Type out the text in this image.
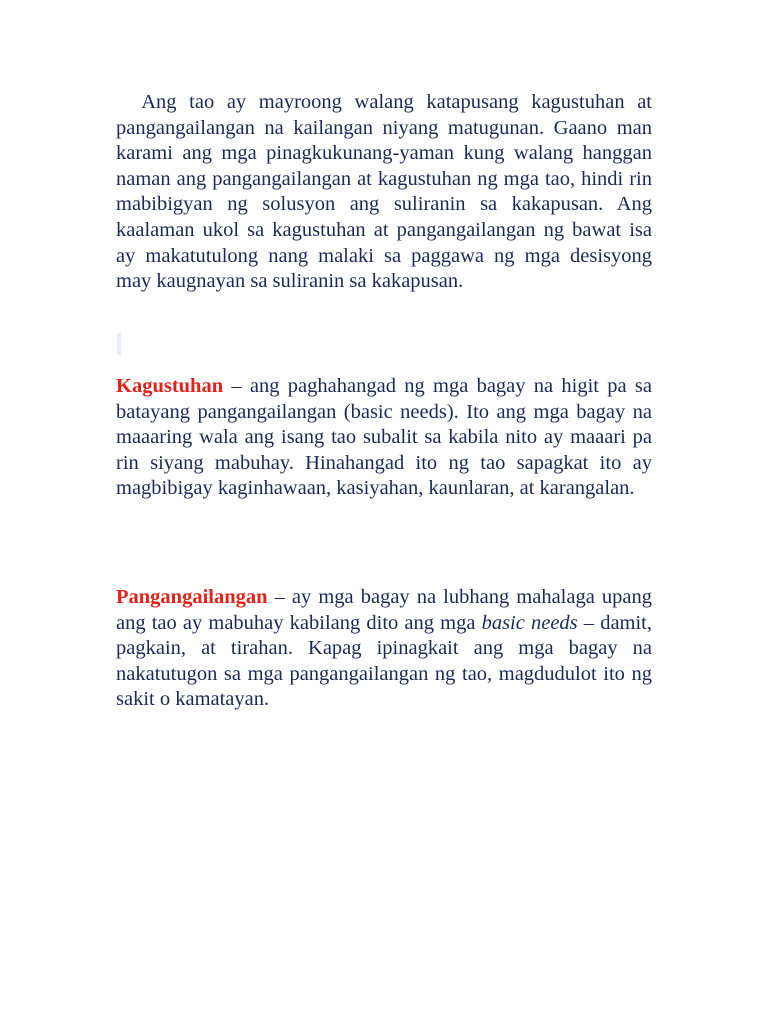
Ang tao ay mayroong walang katapusang kagustuhan at pangangailangan na kailangan niyang matugunan. Gaano man karami ang mga pinagkukunang-yaman kung walang hanggan naman ang pangangailangan at kagustuhan ng mga tao, hindi rin mabibigyan ng solusyon ang suliranin sa kakapusan. Ang kaalaman ukol sa kagustuhan at pangangailangan ng bawat isa ay makatutulong nang malaki sa paggawa ng mga desisyong may kaugnayan sa suliranin sa kakapusan.

Kagustuhan – ang paghahangad ng mga bagay na higit pa sa batayang pangangailangan (basic needs). Ito ang mga bagay na maaaring wala ang isang tao subalit sa kabila nito ay maaari pa rin siyang mabuhay. Hinahangad ito ng tao sapagkat ito ay magbibigay kaginhawaan, kasiyahan, kaunlaran, at karangalan.

Pangangailangan – ay mga bagay na lubhang mahalaga upang ang tao ay mabuhay kabilang dito ang mga basic needs – damit, pagkain, at tirahan. Kapag ipinagkait ang mga bagay na nakatutugon sa mga pangangailangan ng tao, magdudulot ito ng sakit o kamatayan.
